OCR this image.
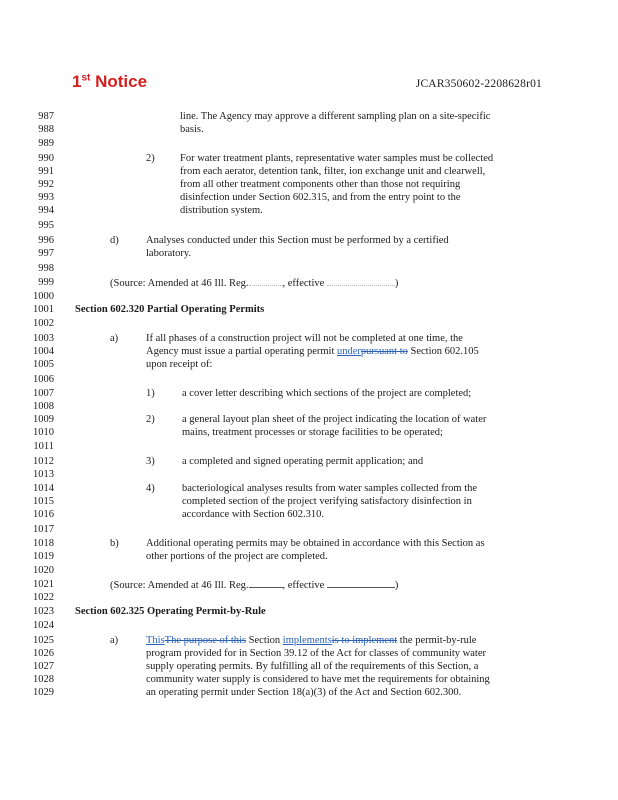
1st Notice	JCAR350602-2208628r01
987
988
989
990
991
992
993
994
995
996
997
998
999
1000
1001
1002
1003
1004
1005
1006
1007
1008
1009
1010
1011
1012
1013
1014
1015
1016
1017
1018
1019
1020
1021
1022
1023
1024
1025
1026
1027
1028
1029
line. The Agency may approve a different sampling plan on a site-specific
basis.
2) For water treatment plants, representative water samples must be collected
from each aerator, detention tank, filter, ion exchange unit and clearwell,
from all other treatment components other than those not requiring
disinfection under Section 602.315, and from the entry point to the
distribution system.
d)	Analyses conducted under this Section must be performed by a certified
laboratory.
(Source: Amended at 46 Ill. Reg.	, effective	)
Section 602.320 Partial Operating Permits
a)	If all phases of a construction project will not be completed at one time, the
Agency must issue a partial operating permit underpursuant to Section 602.105
upon receipt of:
1)	a cover letter describing which sections of the project are completed;
2)	a general layout plan sheet of the project indicating the location of water
mains, treatment processes or storage facilities to be operated;
3)	a completed and signed operating permit application; and
4)	bacteriological analyses results from water samples collected from the
completed section of the project verifying satisfactory disinfection in
accordance with Section 602.310.
b)	Additional operating permits may be obtained in accordance with this Section as
other portions of the project are completed.
(Source: Amended at 46 Ill. Reg.	, effective	)
Section 602.325 Operating Permit-by-Rule
a)	ThisThe purpose of this Section implementsis to implement the permit-by-rule
program provided for in Section 39.12 of the Act for classes of community water
supply operating permits. By fulfilling all of the requirements of this Section, a
community water supply is considered to have met the requirements for obtaining
an operating permit under Section 18(a)(3) of the Act and Section 602.300.
